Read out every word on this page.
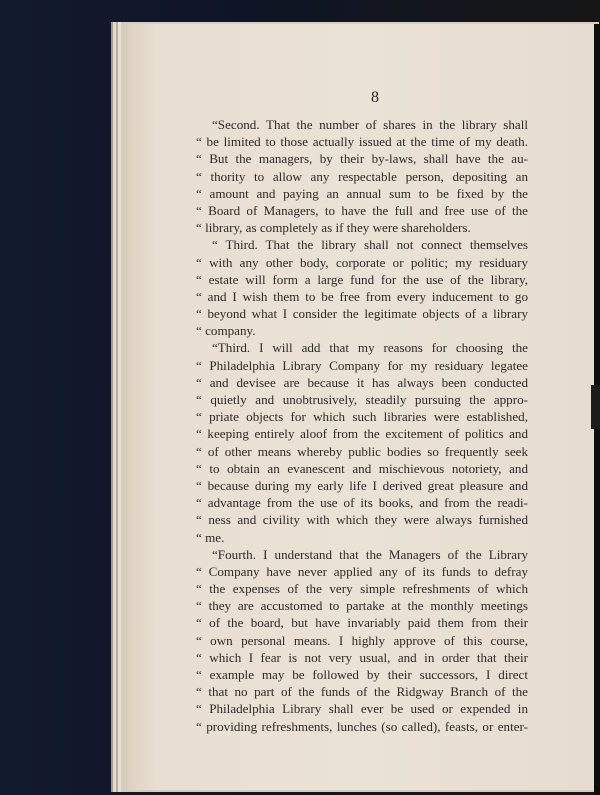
8
“Second. That the number of shares in the library shall
“ be limited to those actually issued at the time of my death.
“ But the managers, by their by-laws, shall have the au-
“ thority to allow any respectable person, depositing an
“ amount and paying an annual sum to be fixed by the
“ Board of Managers, to have the full and free use of the
“ library, as completely as if they were shareholders.
“ Third. That the library shall not connect themselves
“ with any other body, corporate or politic; my residuary
“ estate will form a large fund for the use of the library,
“ and I wish them to be free from every inducement to go
“ beyond what I consider the legitimate objects of a library
“ company.
“Third. I will add that my reasons for choosing the
“ Philadelphia Library Company for my residuary legatee
“ and devisee are because it has always been conducted
“ quietly and unobtrusively, steadily pursuing the appro-
“ priate objects for which such libraries were established,
“ keeping entirely aloof from the excitement of politics and
“ of other means whereby public bodies so frequently seek
“ to obtain an evanescent and mischievous notoriety, and
“ because during my early life I derived great pleasure and
“ advantage from the use of its books, and from the readi-
“ ness and civility with which they were always furnished
“ me.
“Fourth. I understand that the Managers of the Library
“ Company have never applied any of its funds to defray
“ the expenses of the very simple refreshments of which
“ they are accustomed to partake at the monthly meetings
“ of the board, but have invariably paid them from their
“ own personal means. I highly approve of this course,
“ which I fear is not very usual, and in order that their
“ example may be followed by their successors, I direct
“ that no part of the funds of the Ridgway Branch of the
“ Philadelphia Library shall ever be used or expended in
“ providing refreshments, lunches (so called), feasts, or enter-
